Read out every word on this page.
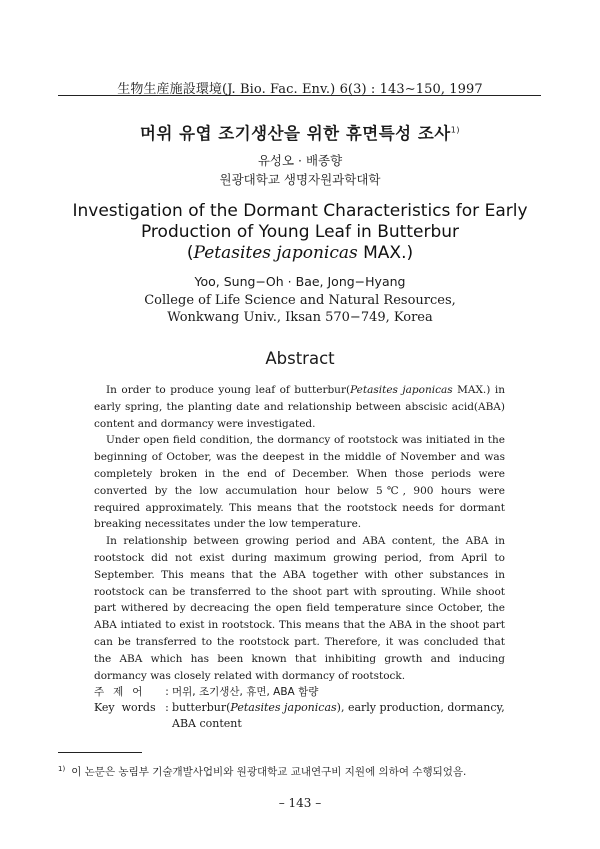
生物生産施設環境(J. Bio. Fac. Env.) 6(3) : 143∼150, 1997
머위 유엽 조기생산을 위한 휴면특성 조사$^{1)}$
유성오 · 배종향
원광대학교 생명자원과학대학
Investigation of the Dormant Characteristics for Early
Production of Young Leaf in Butterbur
(Petasites japonicas MAX.)
Yoo, Sung−Oh · Bae, Jong−Hyang
College of Life Science and Natural Resources,
Wonkwang Univ., Iksan 570−749, Korea
Abstract

In order to produce young leaf of butterbur(Petasites japonicas MAX.) in early spring, the planting date and relationship between abscisic acid(ABA) content and dormancy were investigated.

Under open field condition, the dormancy of rootstock was initiated in the beginning of October, was the deepest in the middle of November and was completely broken in the end of December. When those periods were converted by the low accumulation hour below 5℃, 900 hours were required approximately. This means that the rootstock needs for dormant breaking necessitates under the low temperature.

In relationship between growing period and ABA content, the ABA in rootstock did not exist during maximum growing period, from April to September. This means that the ABA together with other substances in rootstock can be transferred to the shoot part with sprouting. While shoot part withered by decreacing the open field temperature since October, the ABA intiated to exist in rootstock. This means that the ABA in the shoot part can be transferred to the rootstock part. Therefore, it was concluded that the ABA which has been known that inhibiting growth and inducing dormancy was closely related with dormancy of rootstock.

주제어	: 머위, 조기생산, 휴면, ABA 함량
Key  words : butterbur(Petasites japonicas), early production, dormancy, ABA content
$^{1)}$ 이 논문은 농림부 기술개발사업비와 원광대학교 교내연구비 지원에 의하여 수행되었음.
– 143 –
